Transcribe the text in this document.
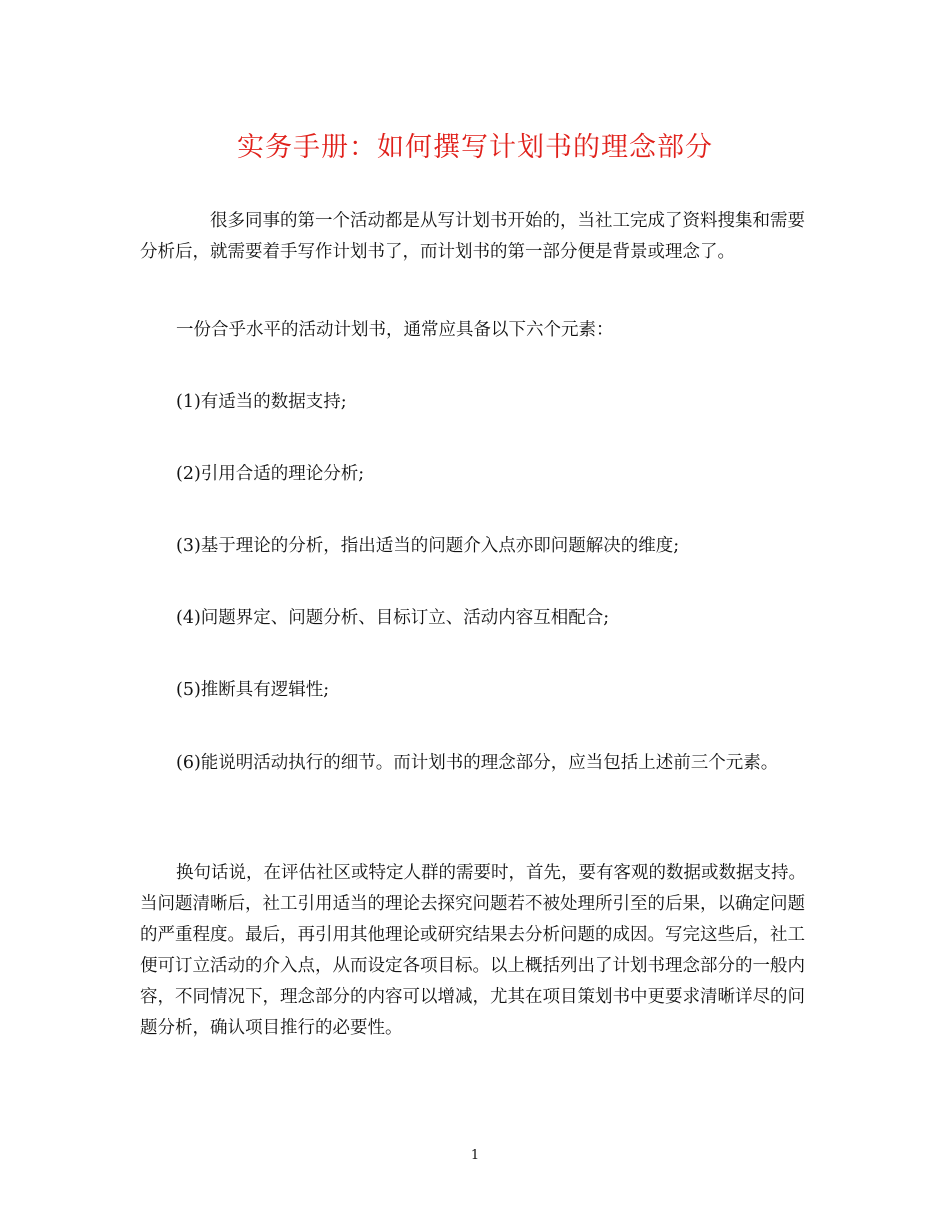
实务手册：如何撰写计划书的理念部分

很多同事的第一个活动都是从写计划书开始的，当社工完成了资料搜集和需要分析后，就需要着手写作计划书了，而计划书的第一部分便是背景或理念了。

一份合乎水平的活动计划书，通常应具备以下六个元素：

(1)有适当的数据支持;

(2)引用合适的理论分析;

(3)基于理论的分析，指出适当的问题介入点亦即问题解决的维度;

(4)问题界定、问题分析、目标订立、活动内容互相配合;

(5)推断具有逻辑性;

(6)能说明活动执行的细节。而计划书的理念部分，应当包括上述前三个元素。

换句话说，在评估社区或特定人群的需要时，首先，要有客观的数据或数据支持。当问题清晰后，社工引用适当的理论去探究问题若不被处理所引至的后果，以确定问题的严重程度。最后，再引用其他理论或研究结果去分析问题的成因。写完这些后，社工便可订立活动的介入点，从而设定各项目标。以上概括列出了计划书理念部分的一般内容，不同情况下，理念部分的内容可以增减，尤其在项目策划书中更要求清晰详尽的问题分析，确认项目推行的必要性。

1
